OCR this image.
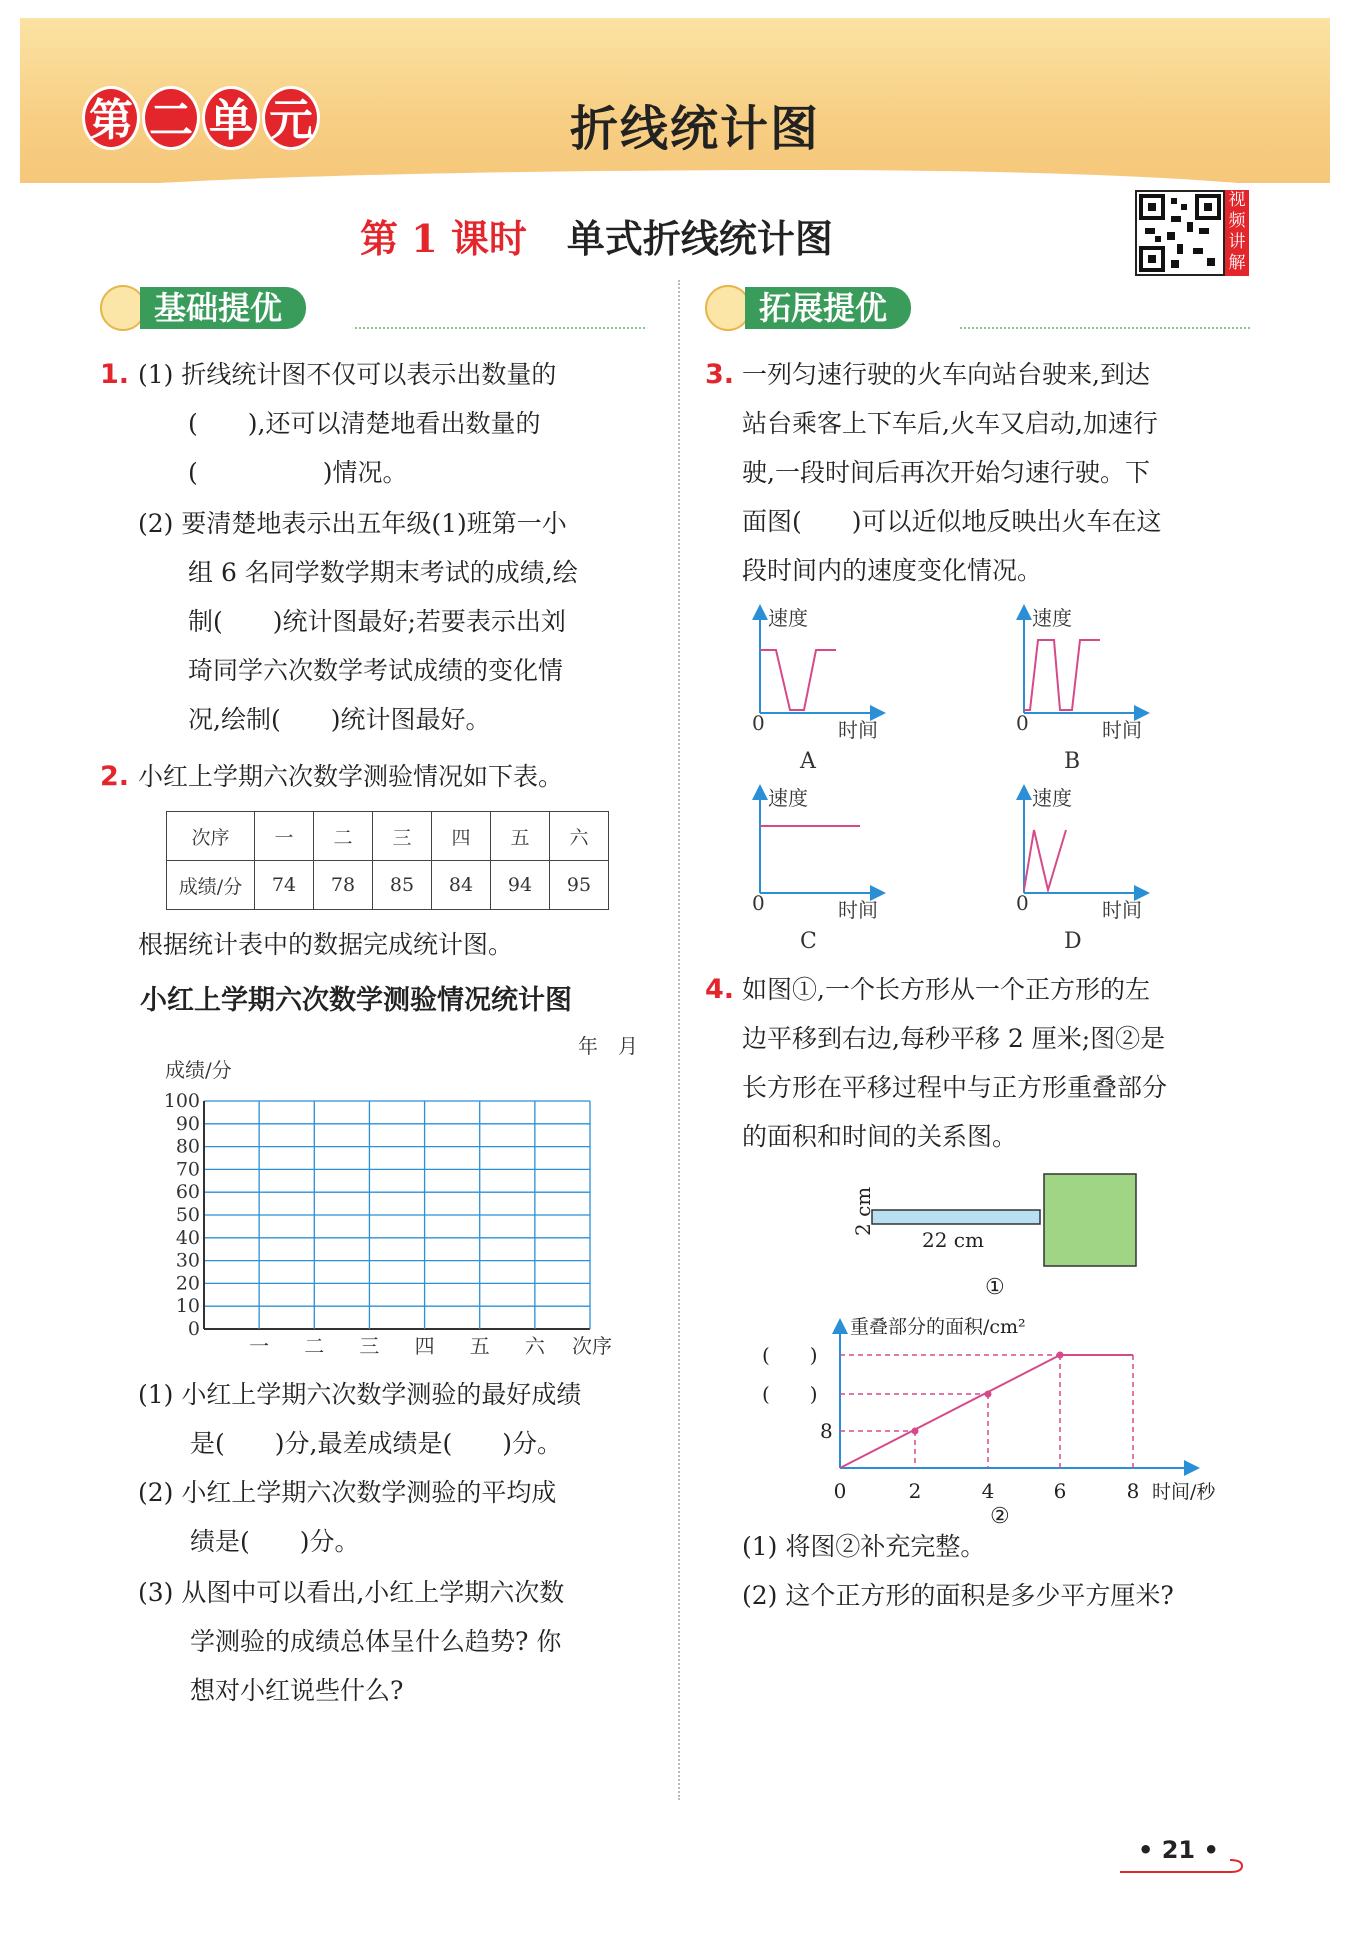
第 二 单 元	折线统计图
第 1 课时 单式折线统计图
视频讲解
基础提优	拓展提优
1. (1) 折线统计图不仅可以表示出数量的
(　　),还可以清楚地看出数量的
(　　　　　)情况。
(2) 要清楚地表示出五年级(1)班第一小
组 6 名同学数学期末考试的成绩,绘
制(　　)统计图最好;若要表示出刘
琦同学六次数学考试成绩的变化情
况,绘制(　　)统计图最好。
2. 小红上学期六次数学测验情况如下表。
次序	一	二	三	四	五	六
成绩/分	74	78	85	84	94	95
根据统计表中的数据完成统计图。
小红上学期六次数学测验情况统计图
年　月
0
10
20
30
40
50
60
70
80
90
100
一 二 三 四 五 六
成绩/分
次序
(1) 小红上学期六次数学测验的最好成绩
是(　　)分,最差成绩是(　　)分。
(2) 小红上学期六次数学测验的平均成
绩是(　　)分。
(3) 从图中可以看出,小红上学期六次数
学测验的成绩总体呈什么趋势? 你
想对小红说些什么?
3. 一列匀速行驶的火车向站台驶来,到达
站台乘客上下车后,火车又启动,加速行
驶,一段时间后再次开始匀速行驶。下
面图(　　)可以近似地反映出火车在这
段时间内的速度变化情况。
速度
时间
0
A
速度
时间
0
B
速度
时间
0
C
速度
时间
0
D
4. 如图①,一个长方形从一个正方形的左
边平移到右边,每秒平移 2 厘米;图②是
长方形在平移过程中与正方形重叠部分
的面积和时间的关系图。
22 cm
2 cm
①
重叠部分的面积/cm²
时间/秒
(　　)
(　　)
8
0	2	4	6	8
②
(1) 将图②补充完整。
(2) 这个正方形的面积是多少平方厘米?
• 21 •
